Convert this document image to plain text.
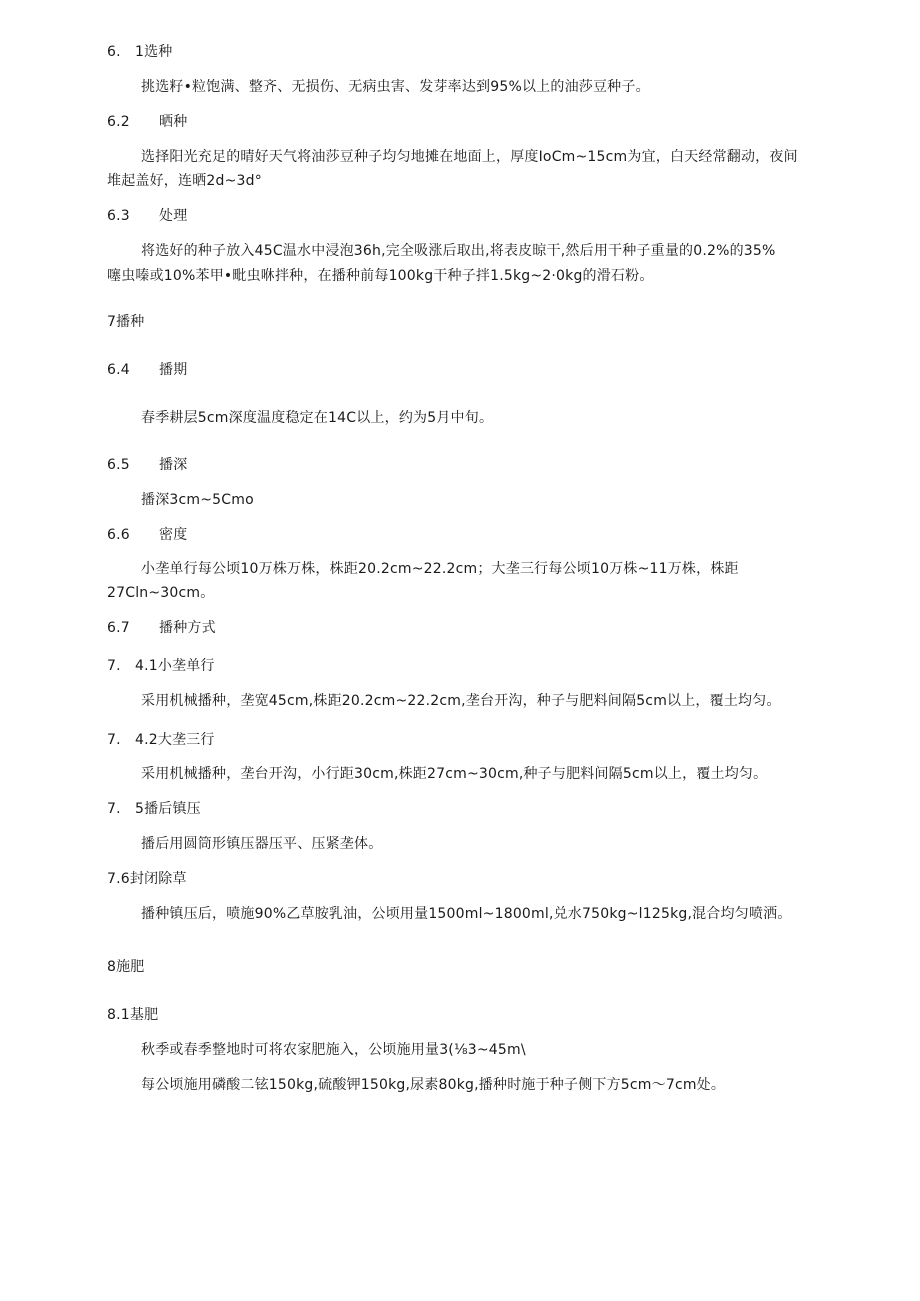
6.　1选种
挑选籽•粒饱满、整齐、无损伤、无病虫害、发芽率达到95%以上的油莎豆种子。
6.2 晒种
选择阳光充足的晴好天气将油莎豆种子均匀地摊在地面上，厚度IoCm~15cm为宜，白天经常翻动，夜间
堆起盖好，连晒2d~3d°
6.3 处理
将选好的种子放入45C温水中浸泡36h,完全吸涨后取出,将表皮晾干,然后用干种子重量的0.2%的35%
噻虫嗪或10%苯甲•毗虫咻拌种，在播种前每100kg干种子拌1.5kg~2·0kg的滑石粉。
7播种
6.4 播期
春季耕层5cm深度温度稳定在14C以上，约为5月中旬。
6.5 播深
播深3cm~5Cmo
6.6 密度
小垄单行每公顷10万株万株，株距20.2cm~22.2cm；大垄三行每公顷10万株~11万株，株距
27Cln~30cm。
6.7 播种方式
7.　4.1小垄单行
采用机械播种，垄宽45cm,株距20.2cm~22.2cm,垄台开沟，种子与肥料间隔5cm以上，覆土均匀。
7.　4.2大垄三行
采用机械播种，垄台开沟，小行距30cm,株距27cm~30cm,种子与肥料间隔5cm以上，覆土均匀。
7.　5播后镇压
播后用圆筒形镇压器压平、压紧垄体。
7.6封闭除草
播种镇压后，喷施90%乙草胺乳油，公顷用量1500ml~1800ml,兑水750kg~l125kg,混合均匀喷洒。
8施肥
8.1基肥
秋季或春季整地时可将农家肥施入，公顷施用量3(⅛3~45m\
每公顷施用磷酸二铉150kg,硫酸钾150kg,尿素80kg,播种时施于种子侧下方5cm～7cm处。
